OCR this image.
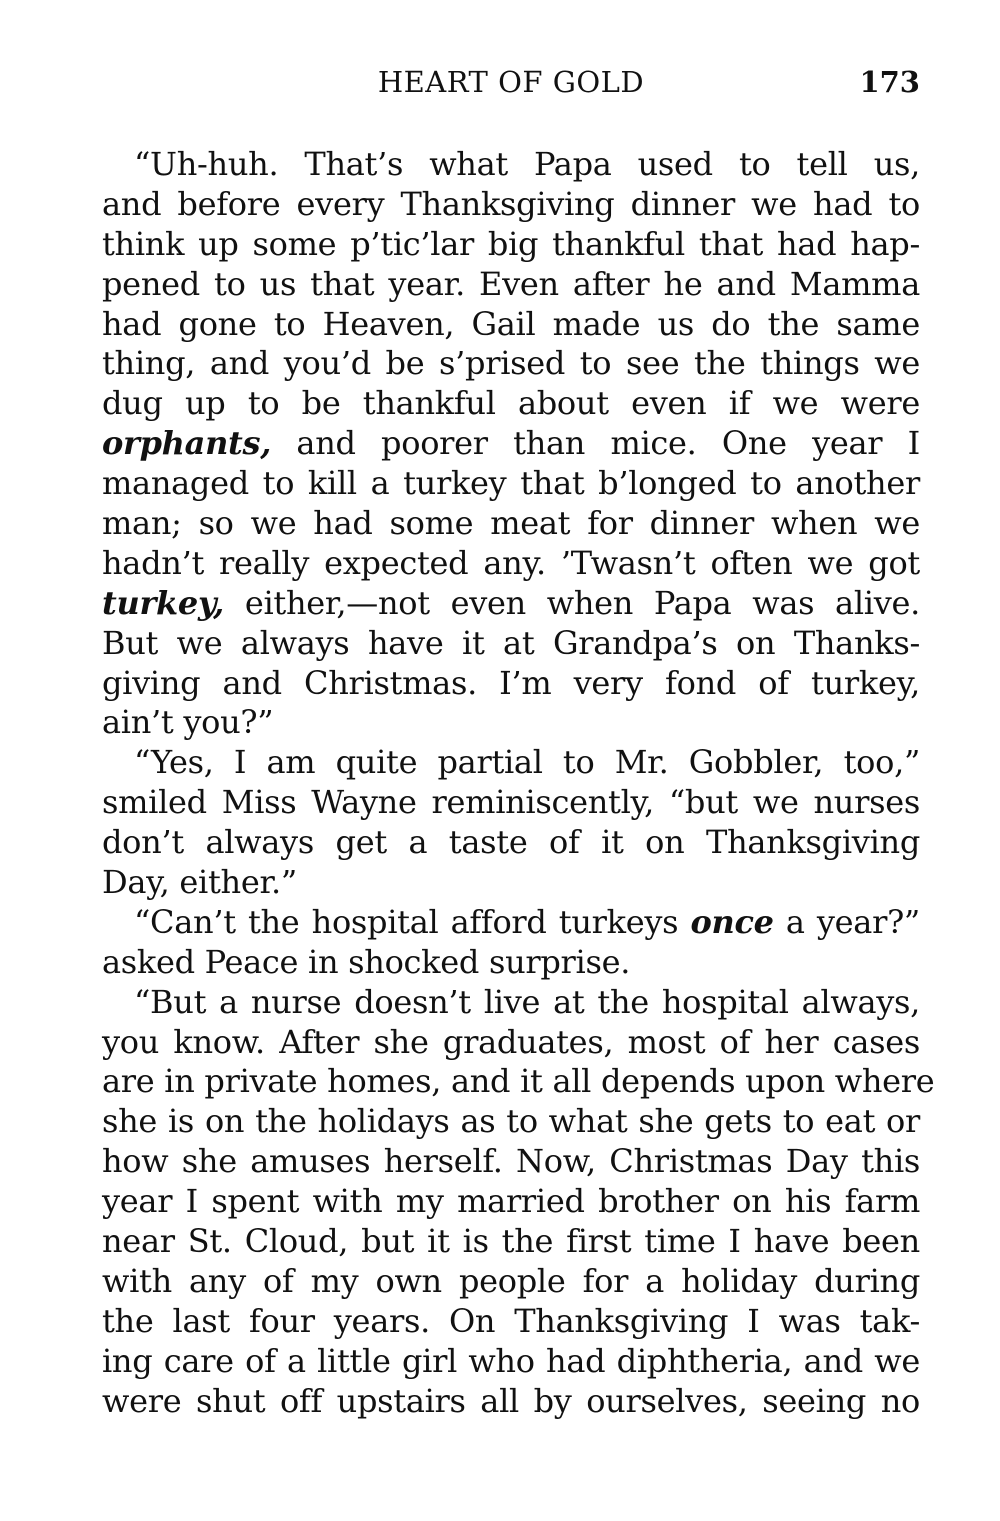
HEART OF GOLD	173
“Uh-huh. That’s what Papa used to tell us,
and before every Thanksgiving dinner we had to
think up some p’tic’lar big thankful that had hap-
pened to us that year. Even after he and Mamma
had gone to Heaven, Gail made us do the same
thing, and you’d be s’prised to see the things we
dug up to be thankful about even if we were
orphants, and poorer than mice. One year I
managed to kill a turkey that b’longed to another
man; so we had some meat for dinner when we
hadn’t really expected any. ’Twasn’t often we got
turkey, either,—not even when Papa was alive.
But we always have it at Grandpa’s on Thanks-
giving and Christmas. I’m very fond of turkey,
ain’t you?”
“Yes, I am quite partial to Mr. Gobbler, too,”
smiled Miss Wayne reminiscently, “but we nurses
don’t always get a taste of it on Thanksgiving
Day, either.”
“Can’t the hospital afford turkeys once a year?”
asked Peace in shocked surprise.
“But a nurse doesn’t live at the hospital always,
you know. After she graduates, most of her cases
are in private homes, and it all depends upon where
she is on the holidays as to what she gets to eat or
how she amuses herself. Now, Christmas Day this
year I spent with my married brother on his farm
near St. Cloud, but it is the first time I have been
with any of my own people for a holiday during
the last four years. On Thanksgiving I was tak-
ing care of a little girl who had diphtheria, and we
were shut off upstairs all by ourselves, seeing no
